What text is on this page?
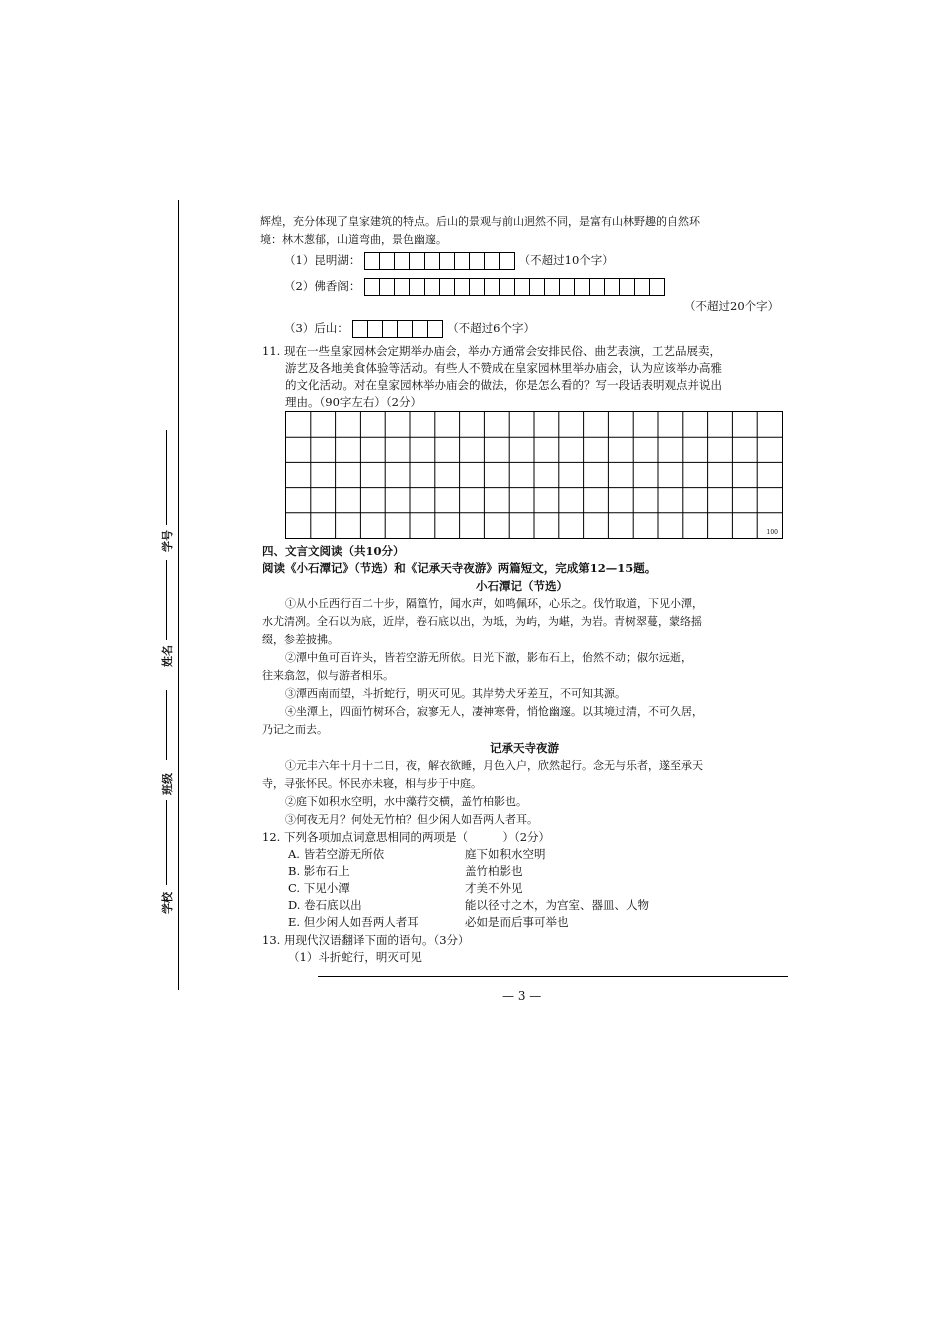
学号
姓名
班级
学校
辉煌，充分体现了皇家建筑的特点。后山的景观与前山迥然不同，是富有山林野趣的自然环
境：林木葱郁，山道弯曲，景色幽邃。
（1）昆明湖：	（不超过10个字）
（2）佛香阁：
（不超过20个字）
（3）后山：	（不超过6个字）
11. 现在一些皇家园林会定期举办庙会，举办方通常会安排民俗、曲艺表演，工艺品展卖，
游艺及各地美食体验等活动。有些人不赞成在皇家园林里举办庙会，认为应该举办高雅
的文化活动。对在皇家园林举办庙会的做法，你是怎么看的？写一段话表明观点并说出
理由。（90字左右）（2分）
100
四、文言文阅读（共10分）
阅读《小石潭记》（节选）和《记承天寺夜游》两篇短文，完成第12—15题。
小石潭记（节选）
①从小丘西行百二十步，隔篁竹，闻水声，如鸣佩环，心乐之。伐竹取道，下见小潭，
水尤清冽。全石以为底，近岸，卷石底以出，为坻，为屿，为嵁，为岩。青树翠蔓，蒙络摇
缀，参差披拂。
②潭中鱼可百许头，皆若空游无所依。日光下澈，影布石上，佁然不动；俶尔远逝，
往来翕忽，似与游者相乐。
③潭西南而望，斗折蛇行，明灭可见。其岸势犬牙差互，不可知其源。
④坐潭上，四面竹树环合，寂寥无人，凄神寒骨，悄怆幽邃。以其境过清，不可久居，
乃记之而去。
记承天寺夜游
①元丰六年十月十二日，夜，解衣欲睡，月色入户，欣然起行。念无与乐者，遂至承天
寺，寻张怀民。怀民亦未寝，相与步于中庭。
②庭下如积水空明，水中藻荇交横，盖竹柏影也。
③何夜无月？何处无竹柏？但少闲人如吾两人者耳。
12. 下列各项加点词意思相同的两项是（　　　）（2分）
A. 皆若空游无所依	庭下如积水空明
B. 影布石上	盖竹柏影也
C. 下见小潭	才美不外见
D. 卷石底以出	能以径寸之木，为宫室、器皿、人物
E. 但少闲人如吾两人者耳	必如是而后事可举也
13. 用现代汉语翻译下面的语句。（3分）
（1）斗折蛇行，明灭可见
— 3 —
